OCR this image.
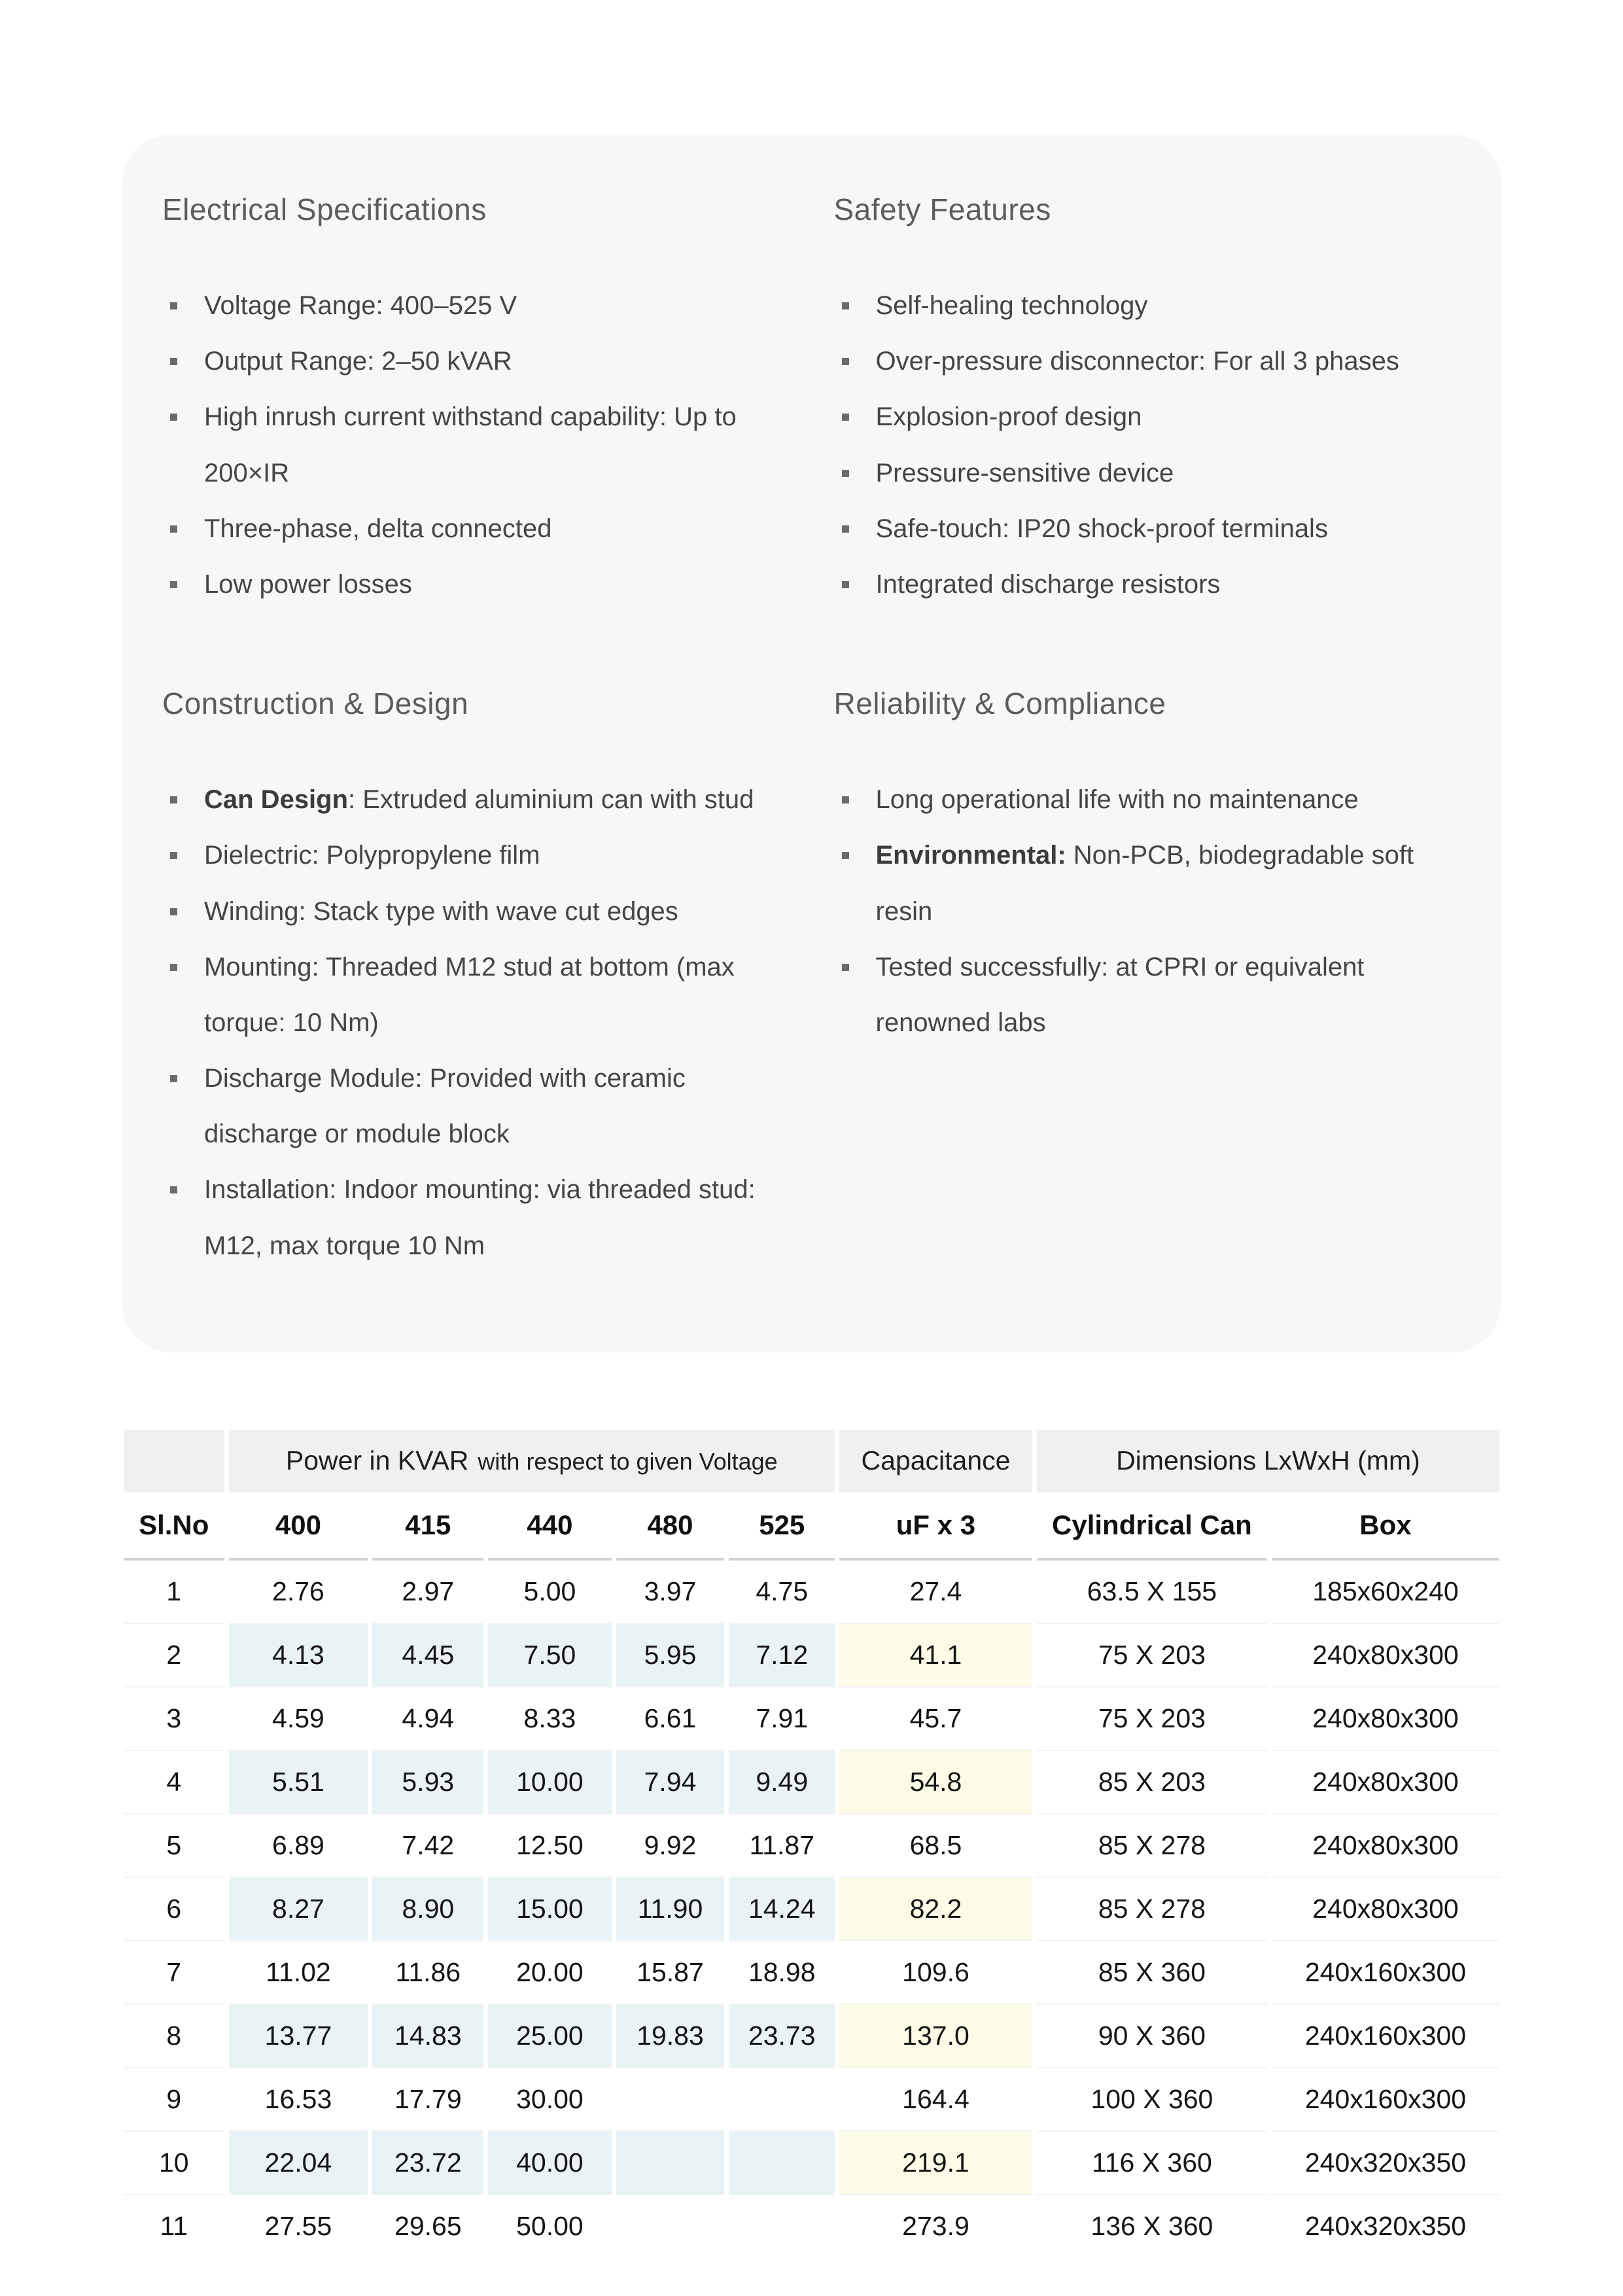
Electrical Specifications
Voltage Range: 400–525 V
Output Range: 2–50 kVAR
High inrush current withstand capability: Up to 200×IR
Three-phase, delta connected
Low power losses
Safety Features
Self-healing technology
Over-pressure disconnector: For all 3 phases
Explosion-proof design
Pressure-sensitive device
Safe-touch: IP20 shock-proof terminals
Integrated discharge resistors
Construction & Design
Can Design: Extruded aluminium can with stud
Dielectric: Polypropylene film
Winding: Stack type with wave cut edges
Mounting: Threaded M12 stud at bottom (max torque: 10 Nm)
Discharge Module: Provided with ceramic discharge or module block
Installation: Indoor mounting: via threaded stud: M12, max torque 10 Nm
Reliability & Compliance
Long operational life with no maintenance
Environmental: Non-PCB, biodegradable soft resin
Tested successfully: at CPRI or equivalent renowned labs
	Power in KVAR with respect to given Voltage					Capacitance	Dimensions LxWxH (mm)	
Sl.No	400	415	440	480	525	uF x 3	Cylindrical Can	Box
1	2.76	2.97	5.00	3.97	4.75	27.4	63.5 X 155	185x60x240
2	4.13	4.45	7.50	5.95	7.12	41.1	75 X 203	240x80x300
3	4.59	4.94	8.33	6.61	7.91	45.7	75 X 203	240x80x300
4	5.51	5.93	10.00	7.94	9.49	54.8	85 X 203	240x80x300
5	6.89	7.42	12.50	9.92	11.87	68.5	85 X 278	240x80x300
6	8.27	8.90	15.00	11.90	14.24	82.2	85 X 278	240x80x300
7	11.02	11.86	20.00	15.87	18.98	109.6	85 X 360	240x160x300
8	13.77	14.83	25.00	19.83	23.73	137.0	90 X 360	240x160x300
9	16.53	17.79	30.00			164.4	100 X 360	240x160x300
10	22.04	23.72	40.00			219.1	116 X 360	240x320x350
11	27.55	29.65	50.00			273.9	136 X 360	240x320x350
